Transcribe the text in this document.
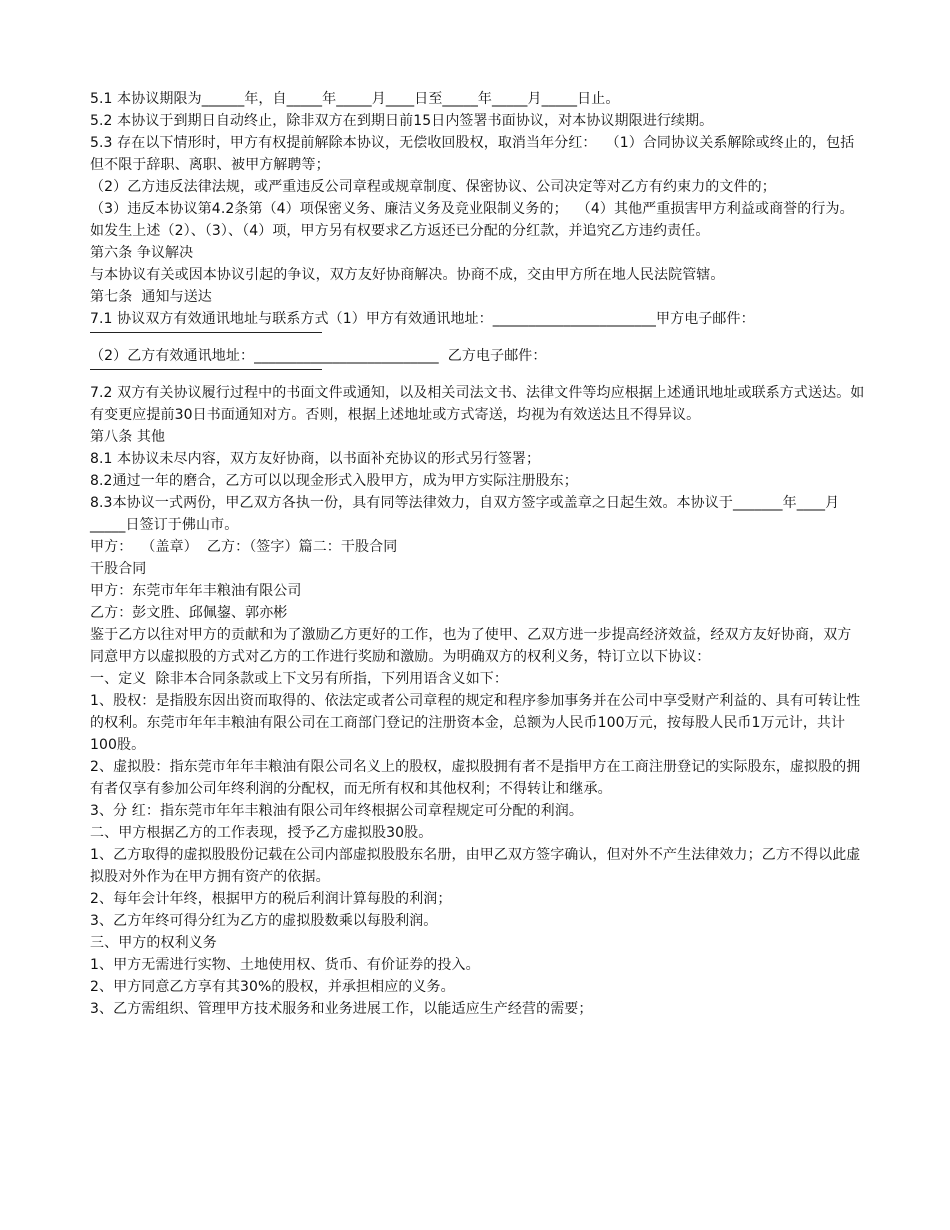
5.1 本协议期限为______年，自_____年_____月____日至_____年_____月_____日止。

5.2 本协议于到期日自动终止，除非双方在到期日前15日内签署书面协议，对本协议期限进行续期。

5.3 存在以下情形时，甲方有权提前解除本协议，无偿收回股权，取消当年分红：  （1）合同协议关系解除或终止的，包括但不限于辞职、离职、被甲方解聘等；

（2）乙方违反法律法规，或严重违反公司章程或规章制度、保密协议、公司决定等对乙方有约束力的文件的；

（3）违反本协议第4.2条第（4）项保密义务、廉洁义务及竞业限制义务的；  （4）其他严重损害甲方利益或商誉的行为。 如发生上述（2）、（3）、（4）项，甲方另有权要求乙方返还已分配的分红款，并追究乙方违约责任。

第六条 争议解决

与本协议有关或因本协议引起的争议，双方友好协商解决。协商不成，交由甲方所在地人民法院管辖。

第七条  通知与送达

7.1 协议双方有效通讯地址与联系方式（1）甲方有效通讯地址：_______________________甲方电子邮件：

（2）乙方有效通讯地址：__________________________  乙方电子邮件：

7.2 双方有关协议履行过程中的书面文件或通知，以及相关司法文书、法律文件等均应根据上述通讯地址或联系方式送达。如有变更应提前30日书面通知对方。否则，根据上述地址或方式寄送，均视为有效送达且不得异议。

第八条 其他

8.1 本协议未尽内容，双方友好协商，以书面补充协议的形式另行签署；

8.2通过一年的磨合，乙方可以以现金形式入股甲方，成为甲方实际注册股东；

8.3本协议一式两份，甲乙双方各执一份，具有同等法律效力，自双方签字或盖章之日起生效。本协议于_______年____月_____日签订于佛山市。

甲方：  （盖章）  乙方：（签字）篇二：干股合同

干股合同

甲方：东莞市年年丰粮油有限公司

乙方：彭文胜、邱佩鋆、郭亦彬

鉴于乙方以往对甲方的贡献和为了激励乙方更好的工作，也为了使甲、乙双方进一步提高经济效益，经双方友好协商，双方同意甲方以虚拟股的方式对乙方的工作进行奖励和激励。为明确双方的权利义务，特订立以下协议：

一、定义  除非本合同条款或上下文另有所指，下列用语含义如下：

1、股权：是指股东因出资而取得的、依法定或者公司章程的规定和程序参加事务并在公司中享受财产利益的、具有可转让性的权利。东莞市年年丰粮油有限公司在工商部门登记的注册资本金，总额为人民币100万元，按每股人民币1万元计，共计100股。

2、虚拟股：指东莞市年年丰粮油有限公司名义上的股权，虚拟股拥有者不是指甲方在工商注册登记的实际股东，虚拟股的拥有者仅享有参加公司年终利润的分配权，而无所有权和其他权利；不得转让和继承。

3、分 红：指东莞市年年丰粮油有限公司年终根据公司章程规定可分配的利润。

二、甲方根据乙方的工作表现，授予乙方虚拟股30股。

1、乙方取得的虚拟股股份记载在公司内部虚拟股股东名册，由甲乙双方签字确认，但对外不产生法律效力；乙方不得以此虚拟股对外作为在甲方拥有资产的依据。

2、每年会计年终，根据甲方的税后利润计算每股的利润；

3、乙方年终可得分红为乙方的虚拟股数乘以每股利润。

三、甲方的权利义务

1、甲方无需进行实物、土地使用权、货币、有价证券的投入。

2、甲方同意乙方享有其30%的股权，并承担相应的义务。

3、乙方需组织、管理甲方技术服务和业务进展工作，以能适应生产经营的需要；
